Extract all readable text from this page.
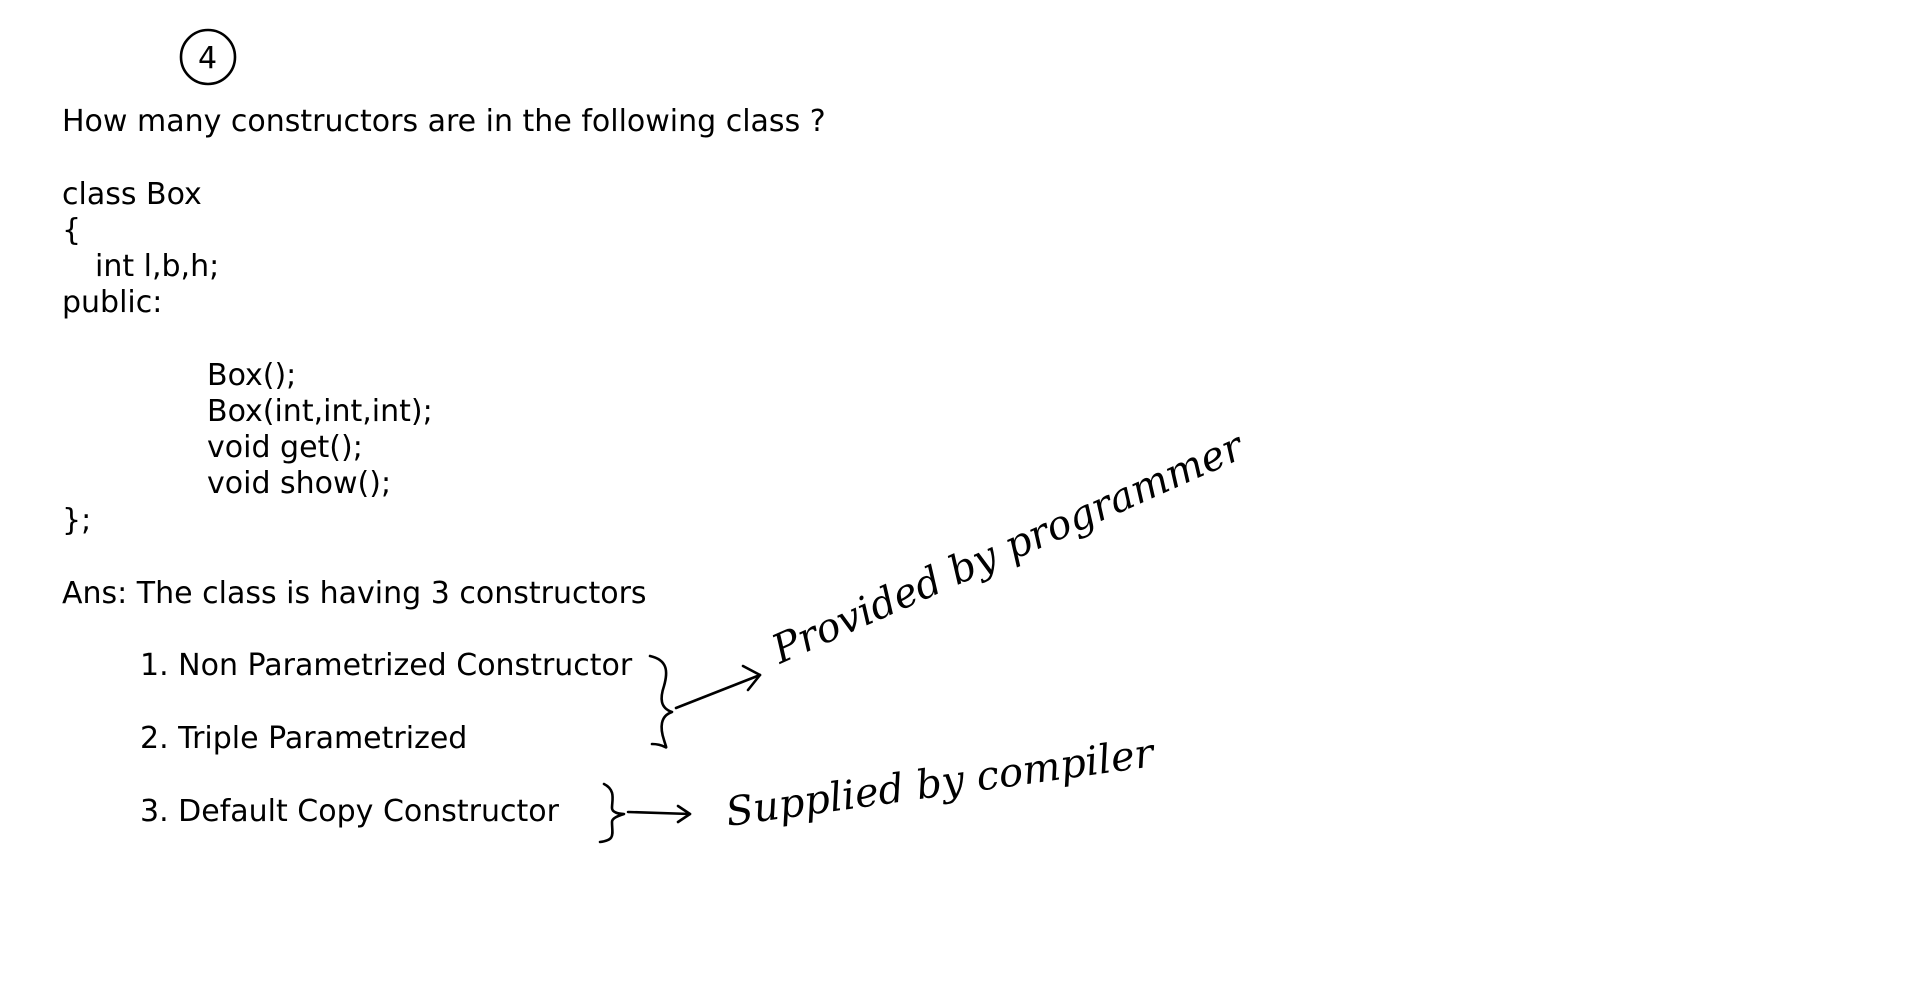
How many constructors are in the following class ?
class Box
{
int l,b,h;
public:
Box();
Box(int,int,int);
void get();
void show();
};
Ans: The class is having 3 constructors
1. Non Parametrized Constructor
2. Triple Parametrized
3. Default Copy Constructor
4
Provided by programmer
Supplied by compiler
